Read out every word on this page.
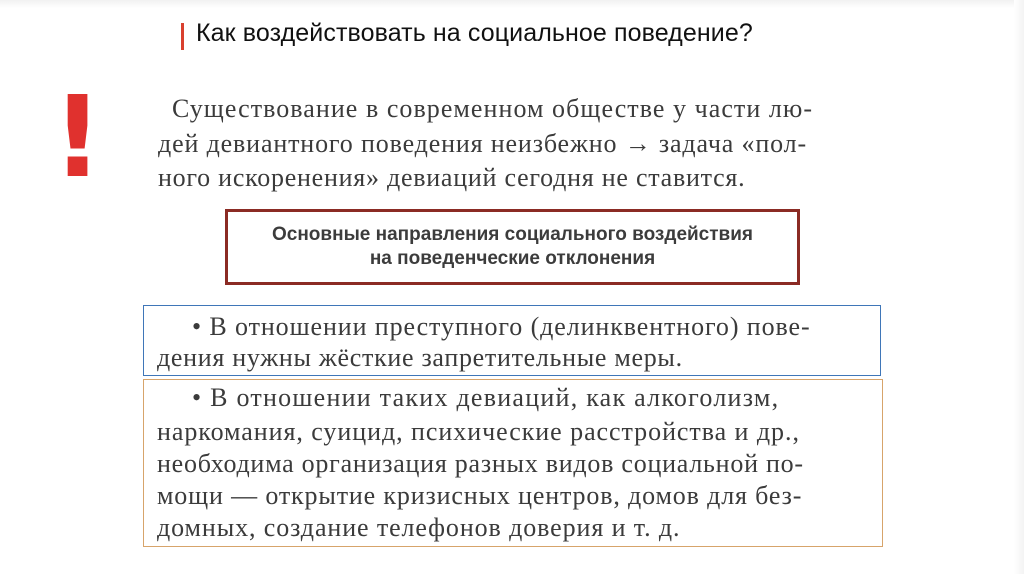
Как воздействовать на социальное поведение?
!	Существование в современном обществе у части лю-
дей девиантного поведения неизбежно → задача «пол-
ного искоренения» девиаций сегодня не ставится.
Основные направления социального воздействия
на поведенческие отклонения
• В отношении преступного (делинквентного) пове-
дения нужны жёсткие запретительные меры.
• В отношении таких девиаций, как алкоголизм,
наркомания, суицид, психические расстройства и др.,
необходима организация разных видов социальной по-
мощи — открытие кризисных центров, домов для без-
домных, создание телефонов доверия и т. д.
